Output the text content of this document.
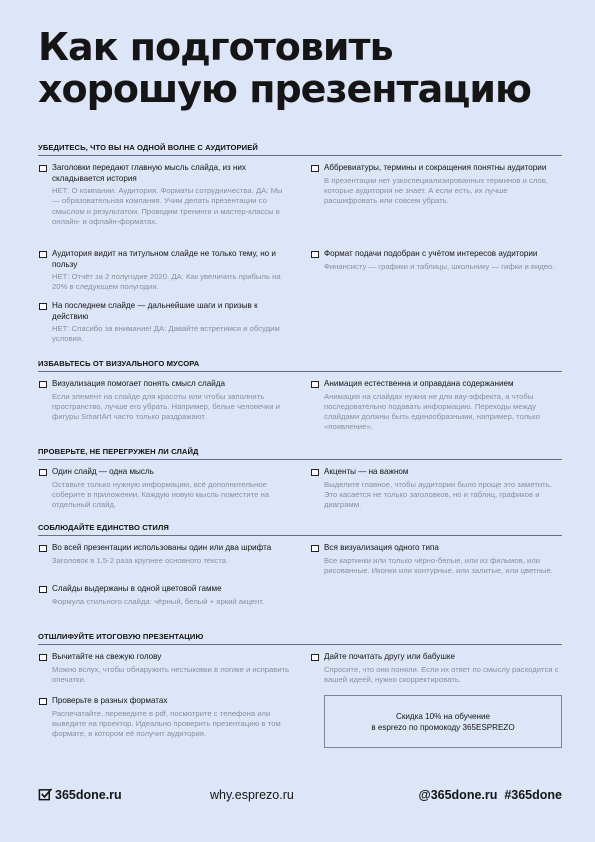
Как подготовить
хорошую презентацию
УБЕДИТЕСЬ, ЧТО ВЫ НА ОДНОЙ ВОЛНЕ С АУДИТОРИЕЙ
Заголовки передают главную мысль слайда, из них складывается история
НЕТ: О компании. Аудитория. Форматы сотрудничества. ДА: Мы — образовательная компания. Учим делать презентации со смыслом и результатом. Проводим тренинги и мастер-классы в онлайн- и офлайн-форматах.
Аудитория видит на титульном слайде не только тему, но и пользу
НЕТ: Отчёт за 2 полугодие 2020. ДА: Как увеличить прибыль на 20% в следующем полугодии.
На последнем слайде — дальнейшие шаги и призыв к действию
НЕТ: Спасибо за внимание! ДА: Давайте встретимся и обсудим условия.
Аббревиатуры, термины и сокращения понятны аудитории
В презентации нет узкоспециализированных терминов и слов, которые аудитория не знает. А если есть, их лучше расшифровать или совсем убрать.
Формат подачи подобран с учётом интересов аудитории
Финансисту — графики и таблицы, школьнику — гифки и видео.
ИЗБАВЬТЕСЬ ОТ ВИЗУАЛЬНОГО МУСОРА
Визуализация помогает понять смысл слайда
Если элемент на слайде для красоты или чтобы заполнить пространство, лучше его убрать. Например, белые человечки и фигуры SmartArt часто только раздражают.
Анимация естественна и оправдана содержанием
Анимация на слайдах нужна не для вау-эффекта, а чтобы последовательно подавать информацию. Переходы между слайдами должны быть единообразными, например, только «появление».
ПРОВЕРЬТЕ, НЕ ПЕРЕГРУЖЕН ЛИ СЛАЙД
Один слайд — одна мысль
Оставьте только нужную информацию, всё дополнительное соберите в приложении. Каждую новую мысль поместите на отдельный слайд.
Акценты — на важном
Выделите главное, чтобы аудитории было проще это заметить. Это касается не только заголовков, но и таблиц, графиков и диаграмм.
СОБЛЮДАЙТЕ ЕДИНСТВО СТИЛЯ
Во всей презентации использованы один или два шрифта
Заголовок в 1,5-2 раза крупнее основного текста.
Слайды выдержаны в одной цветовой гамме
Формула стильного слайда: чёрный, белый + яркий акцент.
Вся визуализация одного типа
Все картинки или только чёрно-белые, или из фильмов, или рисованные. Иконки или контурные, или залитые, или цветные.
ОТШЛИФУЙТЕ ИТОГОВУЮ ПРЕЗЕНТАЦИЮ
Вычитайте на свежую голову
Можно вслух, чтобы обнаружить нестыковки в логике и исправить опечатки.
Проверьте в разных форматах
Распечатайте, переведите в pdf, посмотрите с телефона или выведите на проектор. Идеально проверить презентацию в том формате, в котором её получит аудитория.
Дайте почитать другу или бабушке
Спросите, что они поняли. Если их ответ по смыслу расходится с вашей идеей, нужно скорректировать.
Скидка 10% на обучение
в esprezo по промокоду 365ESPREZO
365done.ru	why.esprezo.ru	@365done.ru  #365done
